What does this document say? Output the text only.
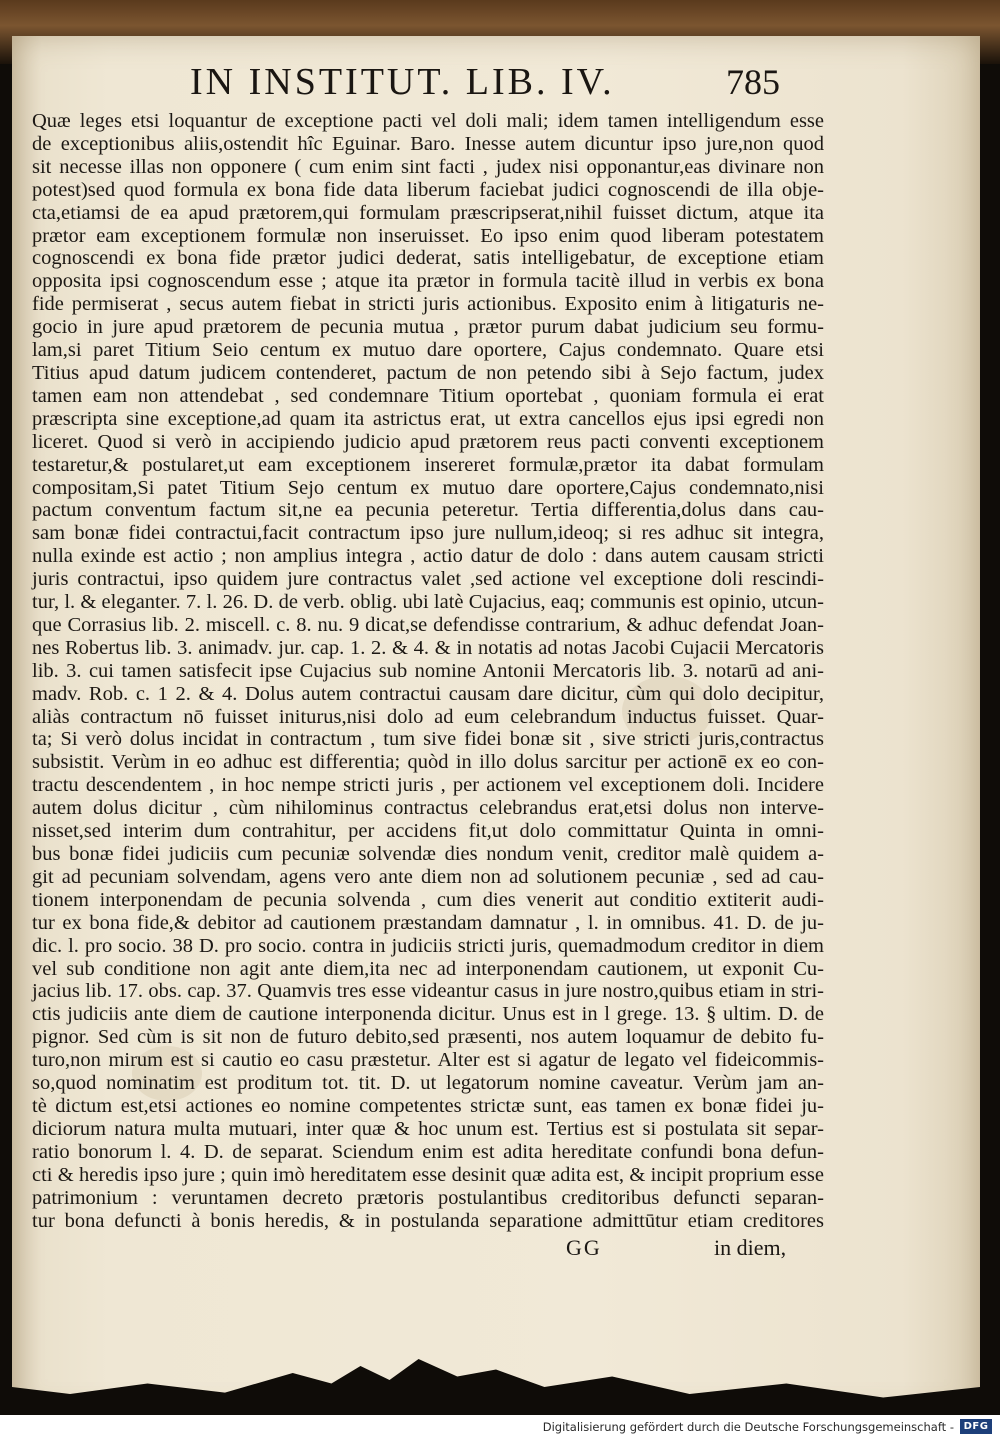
IN INSTITUT. LIB. IV.	785
Quæ leges etsi loquantur de exceptione pacti vel doli mali; idem tamen intelligendum esse
de exceptionibus aliis,ostendit hîc Eguinar. Baro. Inesse autem dicuntur ipso jure,non quod
sit necesse illas non opponere ( cum enim sint facti , judex nisi opponantur,eas divinare non
potest)sed quod formula ex bona fide data liberum faciebat judici cognoscendi de illa obje-
cta,etiamsi de ea apud prætorem,qui formulam præscripserat,nihil fuisset dictum, atque ita
prætor eam exceptionem formulæ non inseruisset. Eo ipso enim quod liberam potestatem
cognoscendi ex bona fide prætor judici dederat, satis intelligebatur, de exceptione etiam
opposita ipsi cognoscendum esse ; atque ita prætor in formula tacitè illud in verbis ex bona
fide permiserat , secus autem fiebat in stricti juris actionibus. Exposito enim à litigaturis ne-
gocio in jure apud prætorem de pecunia mutua , prætor purum dabat judicium seu formu-
lam,si paret Titium Seio centum ex mutuo dare oportere, Cajus condemnato. Quare etsi
Titius apud datum judicem contenderet, pactum de non petendo sibi à Sejo factum, judex
tamen eam non attendebat , sed condemnare Titium oportebat , quoniam formula ei erat
præscripta sine exceptione,ad quam ita astrictus erat, ut extra cancellos ejus ipsi egredi non
liceret. Quod si verò in accipiendo judicio apud prætorem reus pacti conventi exceptionem
testaretur,& postularet,ut eam exceptionem insereret formulæ,prætor ita dabat formulam
compositam,Si patet Titium Sejo centum ex mutuo dare oportere,Cajus condemnato,nisi
pactum conventum factum sit,ne ea pecunia peteretur. Tertia differentia,dolus dans cau-
sam bonæ fidei contractui,facit contractum ipso jure nullum,ideoq; si res adhuc sit integra,
nulla exinde est actio ; non amplius integra , actio datur de dolo : dans autem causam stricti
juris contractui, ipso quidem jure contractus valet ,sed actione vel exceptione doli rescindi-
tur, l. & eleganter. 7. l. 26. D. de verb. oblig. ubi latè Cujacius, eaq; communis est opinio, utcun-
que Corrasius lib. 2. miscell. c. 8. nu. 9 dicat,se defendisse contrarium, & adhuc defendat Joan-
nes Robertus lib. 3. animadv. jur. cap. 1. 2. & 4. & in notatis ad notas Jacobi Cujacii Mercatoris
lib. 3. cui tamen satisfecit ipse Cujacius sub nomine Antonii Mercatoris lib. 3. notarū ad ani-
madv. Rob. c. 1 2. & 4. Dolus autem contractui causam dare dicitur, cùm qui dolo decipitur,
aliàs contractum nō fuisset initurus,nisi dolo ad eum celebrandum inductus fuisset. Quar-
ta; Si verò dolus incidat in contractum , tum sive fidei bonæ sit , sive stricti juris,contractus
subsistit. Verùm in eo adhuc est differentia; quòd in illo dolus sarcitur per actionē ex eo con-
tractu descendentem , in hoc nempe stricti juris , per actionem vel exceptionem doli. Incidere
autem dolus dicitur , cùm nihilominus contractus celebrandus erat,etsi dolus non interve-
nisset,sed interim dum contrahitur, per accidens fit,ut dolo committatur Quinta in omni-
bus bonæ fidei judiciis cum pecuniæ solvendæ dies nondum venit, creditor malè quidem a-
git ad pecuniam solvendam, agens vero ante diem non ad solutionem pecuniæ , sed ad cau-
tionem interponendam de pecunia solvenda , cum dies venerit aut conditio extiterit audi-
tur ex bona fide,& debitor ad cautionem præstandam damnatur , l. in omnibus. 41. D. de ju-
dic. l. pro socio. 38 D. pro socio. contra in judiciis stricti juris, quemadmodum creditor in diem
vel sub conditione non agit ante diem,ita nec ad interponendam cautionem, ut exponit Cu-
jacius lib. 17. obs. cap. 37. Quamvis tres esse videantur casus in jure nostro,quibus etiam in stri-
ctis judiciis ante diem de cautione interponenda dicitur. Unus est in l grege. 13. § ultim. D. de
pignor. Sed cùm is sit non de futuro debito,sed præsenti, nos autem loquamur de debito fu-
turo,non mirum est si cautio eo casu præstetur. Alter est si agatur de legato vel fideicommis-
so,quod nominatim est proditum tot. tit. D. ut legatorum nomine caveatur. Verùm jam an-
tè dictum est,etsi actiones eo nomine competentes strictæ sunt, eas tamen ex bonæ fidei ju-
diciorum natura multa mutuari, inter quæ & hoc unum est. Tertius est si postulata sit separ-
ratio bonorum l. 4. D. de separat. Sciendum enim est adita hereditate confundi bona defun-
cti & heredis ipso jure ; quin imò hereditatem esse desinit quæ adita est, & incipit proprium esse
patrimonium : veruntamen decreto prætoris postulantibus creditoribus defuncti separan-
tur bona defuncti à bonis heredis, & in postulanda separatione admittūtur etiam creditores
GG	in diem,
Digitalisierung gefördert durch die Deutsche Forschungsgemeinschaft - DFG
